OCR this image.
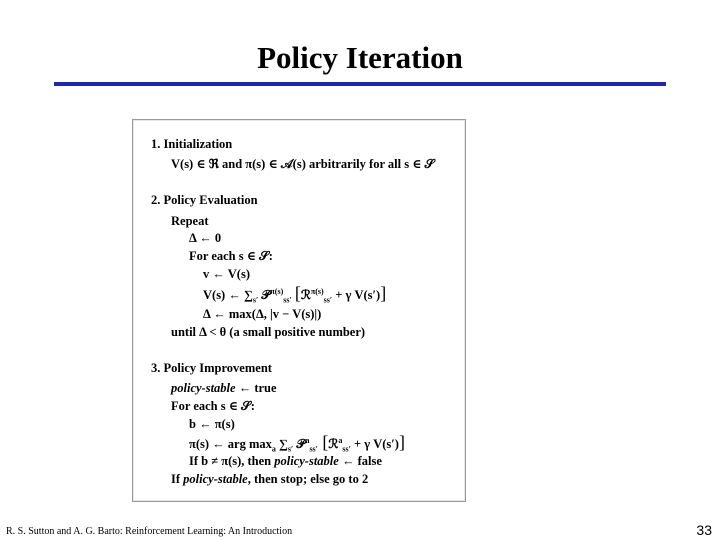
Policy Iteration
1. Initialization
V(s) ∈ ℜ and π(s) ∈ 𝒜(s) arbitrarily for all s ∈ 𝒮
2. Policy Evaluation
Repeat
Δ ← 0
For each s ∈ 𝒮:
v ← V(s)
V(s) ← $\sum_{s'}$ 𝒫$^{\pi(s)}_{ss'}$ [ℛ$^{\pi(s)}_{ss'}$ + γ V(s′)]
Δ ← max(Δ, |v − V(s)|)
until Δ < θ (a small positive number)
3. Policy Improvement
policy-stable ← true
For each s ∈ 𝒮:
b ← π(s)
π(s) ← arg $\max_a \sum_{s'}$ 𝒫$^a_{ss'}$ [ℛ$^a_{ss'}$ + γ V(s′)]
If b ≠ π(s), then policy-stable ← false
If policy-stable, then stop; else go to 2
R. S. Sutton and A. G. Barto: Reinforcement Learning: An Introduction	33
